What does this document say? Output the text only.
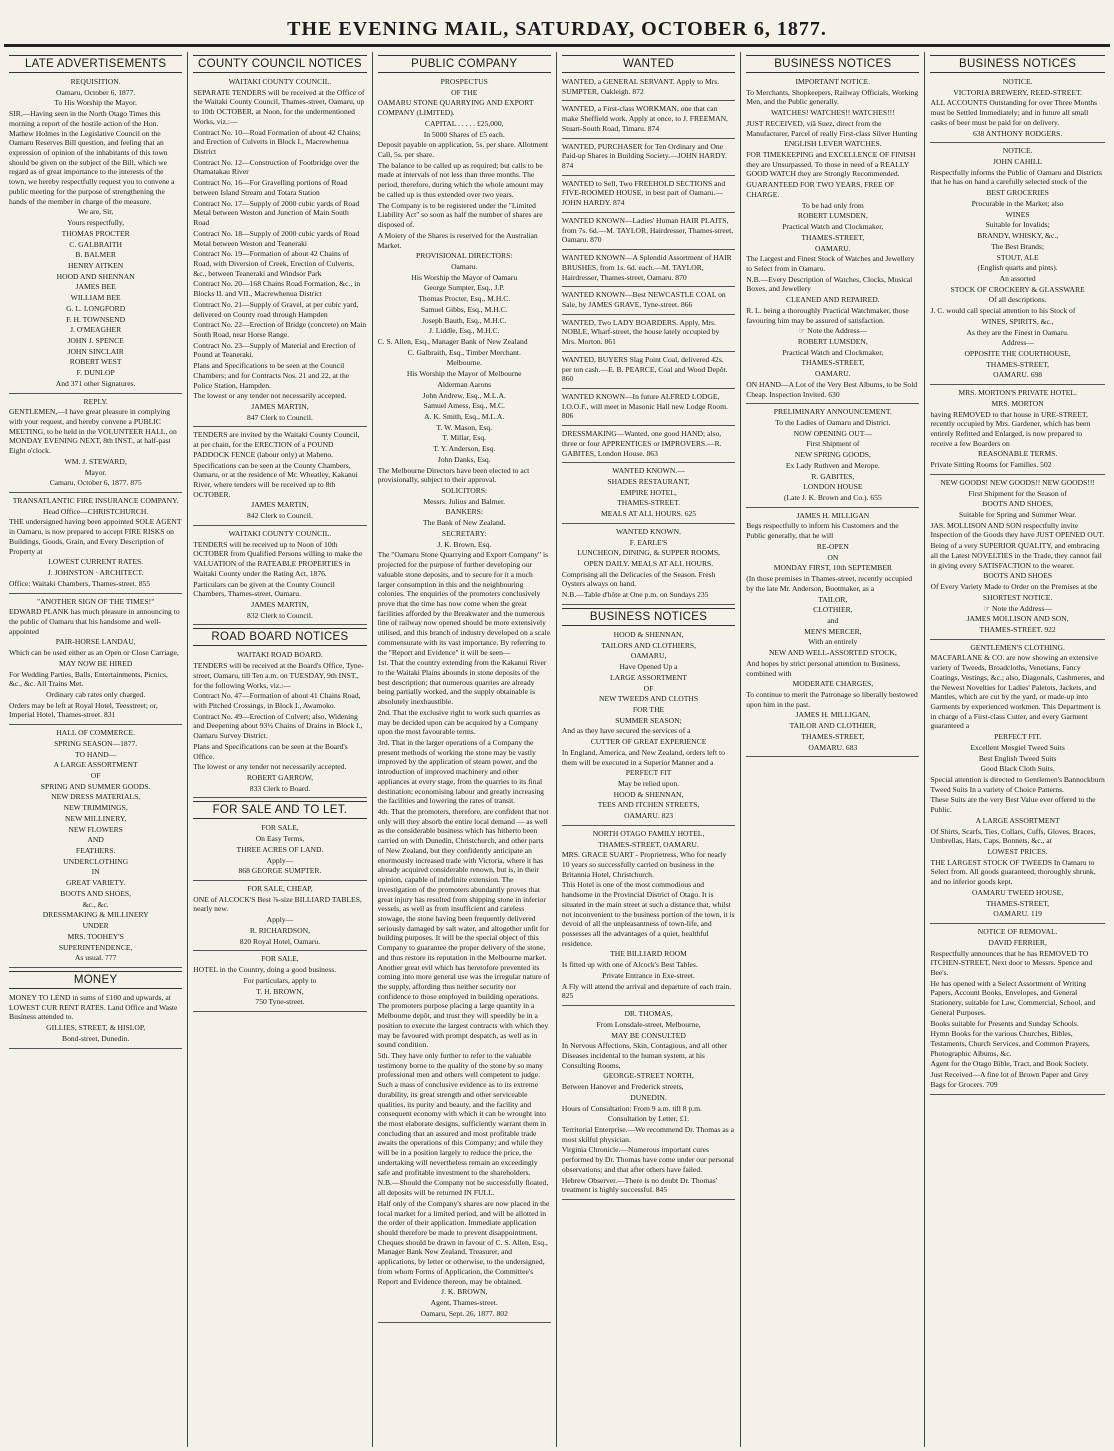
THE EVENING MAIL, SATURDAY, OCTOBER 6, 1877.
LATE ADVERTISEMENTS

REQUISITION.

Oamaru, October 6, 1877.

To His Worship the Mayor.

SIR,—Having seen in the North Otago Times this morning a report of the hostile action of the Hon. Mathew Holmes in the Legislative Council on the Oamaru Reserves Bill question, and feeling that an expression of opinion of the inhabitants of this town should be given on the subject of the Bill, which we regard as of great importance to the interests of the town, we hereby respectfully request you to convene a public meeting for the purpose of strengthening the hands of the member in charge of the measure.

We are, Sir,

Yours respectfully,

THOMAS PROCTER

C. GALBRAITH

B. BALMER

HENRY AITKEN

HOOD AND SHENNAN

JAMES BEE

WILLIAM BEE

G. L. LONGFORD

F. H. TOWNSEND

J. O'MEAGHER

JOHN J. SPENCE

JOHN SINCLAIR

ROBERT WEST

F. DUNLOP

And 371 other Signatures.

REPLY.

GENTLEMEN,—I have great pleasure in complying with your request, and hereby convene a PUBLIC MEETING, to be held in the VOLUNTEER HALL, on MONDAY EVENING NEXT, 8th INST., at half-past Eight o'clock.

WM. J. STEWARD,

Mayor.

Camaru, October 6, 1877. 875

TRANSATLANTIC FIRE INSURANCE COMPANY.

Head Office—CHRISTCHURCH.

THE undersigned having been appointed SOLE AGENT in Oamaru, is now prepared to accept FIRE RISKS on Buildings, Goods, Grain, and Every Description of Property at

LOWEST CURRENT RATES.

J. JOHNSTON · ARCHITECT.

Office: Waitaki Chambers, Thames-street. 855

"ANOTHER SIGN OF THE TIMES!"

EDWARD PLANK has much pleasure in announcing to the public of Oamaru that his handsome and well-appointed

PAIR-HORSE LANDAU,

Which can be used either as an Open or Close Carriage,

MAY NOW BE HIRED

For Wedding Parties, Balls, Entertainments, Picnics, &c., &c. All Trains Met.

Ordinary cab rates only charged.

Orders may be left at Royal Hotel, Teesstreet; or, Imperial Hotel, Thames-street. 831

HALL OF COMMERCE.

SPRING SEASON—1877.

TO HAND—

A LARGE ASSORTMENT

OF

SPRING AND SUMMER GOODS.

NEW DRESS MATERIALS,

NEW TRIMMINGS,

NEW MILLINERY,

NEW FLOWERS

AND

FEATHERS.

UNDERCLOTHING

IN

GREAT VARIETY.

BOOTS AND SHOES,

&c., &c.

DRESSMAKING & MILLINERY

UNDER

MRS. TOOHEY'S

SUPERINTENDENCE,

As usual. 777

MONEY

MONEY TO LEND in sums of £100 and upwards, at LOWEST CUR RENT RATES. Land Office and Waste Business attended to.

GILLIES, STREET, & HISLOP,

Bond-street, Dunedin.

COUNTY COUNCIL NOTICES

WAITAKI COUNTY COUNCIL.

SEPARATE TENDERS will be received at the Office of the Waitaki County Council, Thames-street, Oamaru, up to 10th OCTOBER, at Noon, for the undermentioned Works, viz.:—

Contract No. 10—Road Formation of about 42 Chains; and Erection of Culverts in Block I., Macrewhenua District

Contract No. 12—Construction of Footbridge over the Otamatakau River

Contract No. 16—For Gravelling portions of Road between Island Stream and Totara Station

Contract No. 17—Supply of 2000 cubic yards of Road Metal between Weston and Junction of Main South Road

Contract No. 18—Supply of 2000 cubic yards of Road Metal between Weston and Teaneraki

Contract No. 19—Formation of about 42 Chains of Road, with Diversion of Creek, Erection of Culverts, &c., between Teaneraki and Windsor Park

Contract No. 20—168 Chains Road Formation, &c., in Blocks II. and VII., Macrewhenua District

Contract No. 21—Supply of Gravel, at per cubic yard, delivered on County road through Hampden

Contract No. 22—Erection of Bridge (concrete) on Main South Road, near Horse Range.

Contract No. 23—Supply of Material and Erection of Pound at Teaneraki.

Plans and Specifications to be seen at the Council Chambers; and for Contracts Nos. 21 and 22, at the Police Station, Hampden.

The lowest or any tender not necessarily accepted.

JAMES MARTIN,

847 Clerk to Council.

TENDERS are invited by the Waitaki County Council, at per chain, for the ERECTION of a POUND PADDOCK FENCE (labour only) at Maheno.

Specifications can be seen at the County Chambers, Oamaru, or at the residence of Mr. Wheatley, Kakanui River, where tenders will be received up to 8th OCTOBER.

JAMES MARTIN,

842 Clerk to Council.

WAITAKI COUNTY COUNCIL.

TENDERS will be received up to Noon of 10th OCTOBER from Qualified Persons willing to make the VALUATION of the RATEABLE PROPERTIES in Waitaki County under the Rating Act, 1876.

Particulars can be given at the County Council Chambers, Thames-street, Oamaru.

JAMES MARTIN,

832 Clerk to Council.

ROAD BOARD NOTICES

WAITAKI ROAD BOARD.

TENDERS will be received at the Board's Office, Tyne-street, Oamaru, till Ten a.m. on TUESDAY, 9th INST., for the following Works, viz.:—

Contract No. 47—Formation of about 41 Chains Road, with Pitched Crossings, in Block I., Awamoko.

Contract No. 49—Erection of Culvert; also, Widening and Deepening about 93½ Chains of Drains in Block I., Oamaru Survey District.

Plans and Specifications can be seen at the Board's Office.

The lowest or any tender not necessarily accepted.

ROBERT GARROW,

833 Clerk to Board.

FOR SALE AND TO LET.

FOR SALE,

On Easy Terms,

THREE ACRES OF LAND.

Apply—

868 GEORGE SUMPTER.

FOR SALE, CHEAP,

ONE of ALCOCK'S Best ⅞-size BILLIARD TABLES, nearly new.

Apply—

R. RICHARDSON,

820 Royal Hotel, Oamaru.

FOR SALE,

HOTEL in the Country, doing a good business.

For particulars, apply to

T. H. BROWN,

750 Tyne-street.

PUBLIC COMPANY

PROSPECTUS

OF THE

OAMARU STONE QUARRYING AND EXPORT COMPANY (LIMITED).

CAPITAL . . . . . £25,000,

In 5000 Shares of £5 each.

Deposit payable on application, 5s. per share. Allotment Call, 5s. per share.

The balance to be called up as required; but calls to be made at intervals of not less than three months. The period, therefore, during which the whole amount may be called up is thus extended over two years.

The Company is to be registered under the "Limited Liability Act" so soon as half the number of shares are disposed of.

A Moiety of the Shares is reserved for the Australian Market.

PROVISIONAL DIRECTORS:

Oamaru.

His Worship the Mayor of Oamaru

George Sumpter, Esq., J.P.

Thomas Procter, Esq., M.H.C.

Samuel Gibbs, Esq., M.H.C.

Joseph Bauth, Esq., M.H.C.

J. Liddle, Esq., M.H.C.

C. S. Allen, Esq., Manager Bank of New Zealand

C. Galbraith, Esq., Timber Merchant.

Melbourne.

His Worship the Mayor of Melbourne

Alderman Aarons

John Andrew, Esq., M.L.A.

Samuel Amess, Esq., M.C.

A. K. Smith, Esq., M.L.A.

T. W. Mason, Esq.

T. Millar, Esq.

T. Y. Anderson, Esq.

John Danks, Esq.

The Melbourne Directors have been elected to act provisionally, subject to their approval.

SOLICITORS:

Messrs. Julius and Balmer.

BANKERS:

The Bank of New Zealand.

SECRETARY:

J. K. Brown, Esq.

The "Oamaru Stone Quarrying and Export Company" is projected for the purpose of further developing our valuable stone deposits, and to secure for it a much larger consumption in this and the neighbouring colonies. The enquiries of the promoters conclusively prove that the time has now come when the great facilities afforded by the Breakwater and the numerous line of railway now opened should be more extensively utilised, and this branch of industry developed on a scale commensurate with its vast importance. By referring to the "Report and Evidence" it will be seen—

1st. That the country extending from the Kakanui River to the Waitaki Plains abounds in stone deposits of the best description; that numerous quarries are already being partially worked, and the supply obtainable is absolutely inexhaustible.

2nd. That the exclusive right to work such quarries as may be decided upon can be acquired by a Company upon the most favourable terms.

3rd. That in the larger operations of a Company the present methods of working the stone may be vastly improved by the application of steam power, and the introduction of improved machinery and other appliances at every stage, from the quarries to its final destination; economising labour and greatly increasing the facilities and lowering the rates of transit.

4th. That the promoters, therefore, are confident that not only will they absorb the entire local demand — as well as the considerable business which has hitherto been carried on with Dunedin, Christchurch, and other parts of New Zealand, but they confidently anticipate an enormously increased trade with Victoria, where it has already acquired considerable renown, but is, in their opinion, capable of indefinite extension. The investigation of the promoters abundantly proves that great injury has resulted from shipping stone in inferior vessels, as well as from insufficient and careless stowage, the stone having been frequently delivered seriously damaged by salt water, and altogether unfit for building purposes. It will be the special object of this Company to guarantee the proper delivery of the stone, and thus restore its reputation in the Melbourne market. Another great evil which has heretofore prevented its coming into more general use was the irregular nature of the supply, affording thus neither security nor confidence to those employed in building operations. The promoters purpose placing a large quantity in a Melbourne depôt, and trust they will speedily be in a position to execute the largest contracts with which they may be favoured with prompt despatch, as well as in sound condition.

5th. They have only further to refer to the valuable testimony borne to the quality of the stone by so many professional men and others well competent to judge. Such a mass of conclusive evidence as to its extreme durability, its great strength and other serviceable qualities, its purity and beauty, and the facility and consequent economy with which it can be wrought into the most elaborate designs, sufficiently warrant them in concluding that an assured and most profitable trade awaits the operations of this Company; and while they will be in a position largely to reduce the price, the undertaking will nevertheless remain an exceedingly safe and profitable investment to the shareholders.

N.B.—Should the Company not be successfully floated, all deposits will be returned IN FULL.

Half only of the Company's shares are now placed in the local market for a limited period, and will be allotted in the order of their application. Immediate application should therefore be made to prevent disappointment. Cheques should be drawn in favour of C. S. Allen, Esq., Manager Bank New Zealand, Treasurer, and applications, by letter or otherwise, to the undersigned, from whom Forms of Application, the Committee's Report and Evidence thereon, may be obtained.

J. K. BROWN,

Agent, Thames-street.

Oamaru, Sept. 26, 1877. 802

WANTED

WANTED, a GENERAL SERVANT. Apply to Mrs. SUMPTER, Oakleigh. 872

WANTED, a First-class WORKMAN, one that can make Sheffield work. Apply at once, to J. FREEMAN, Stuart-South Road, Timaru. 874

WANTED, PURCHASER for Ten Ordinary and One Paid-up Shares in Building Society.—JOHN HARDY. 874

WANTED to Sell, Two FREEHOLD SECTIONS and FIVE-ROOMED HOUSE, in best part of Oamaru.—JOHN HARDY. 874

WANTED KNOWN—Ladies' Human HAIR PLAITS, from 7s. 6d.—M. TAYLOR, Hairdresser, Thames-street, Oamaru. 870

WANTED KNOWN—A Splendid Assortment of HAIR BRUSHES, from 1s. 6d. each.—M. TAYLOR, Hairdresser, Thames-street, Oamaru. 870

WANTED KNOWN—Best NEWCASTLE COAL on Sale, by JAMES GRAVE, Tyne-street. 866

WANTED, Two LADY BOARDERS. Apply, Mrs. NOBLE, Wharf-street, the house lately occupied by Mrs. Morton. 861

WANTED, BUYERS Slag Point Coal, delivered 42s. per ton cash.—E. B. PEARCE, Coal and Wood Depôt. 860

WANTED KNOWN—In future ALFRED LODGE, I.O.O.F., will meet in Masonic Hall new Lodge Room. 806

DRESSMAKING—Wanted, one good HAND; also, three or four APPRENTICES or IMPROVERS.—R. GABITES, London House. 863

WANTED KNOWN.—

SHADES RESTAURANT,

EMPIRE HOTEL,

THAMES-STREET.

MEALS AT ALL HOURS. 625

WANTED KNOWN.

F. EARLE'S

LUNCHEON, DINING, & SUPPER ROOMS,

OPEN DAILY. MEALS AT ALL HOURS.

Comprising all the Delicacies of the Season. Fresh Oysters always on hand.

N.B.—Table d'hôte at One p.m. on Sundays 235

BUSINESS NOTICES

HOOD & SHENNAN,

TAILORS AND CLOTHIERS,

OAMARU,

Have Opened Up a

LARGE ASSORTMENT

OF

NEW TWEEDS AND CLOTHS

FOR THE

SUMMER SEASON;

And as they have secured the services of a

CUTTER OF GREAT EXPERIENCE

In England, America, and New Zealand, orders left to them will be executed in a Superior Manner and a

PERFECT FIT

May be relied upon.

HOOD & SHENNAN,

TEES AND ITCHEN STREETS,

OAMARU. 823

NORTH OTAGO FAMILY HOTEL,

THAMES-STREET, OAMARU.

MRS. GRACE SUART - Proprietress, Who for nearly 10 years so successfully carried on business in the Britannia Hotel, Christchurch.

This Hotel is one of the most commodious and handsome in the Provincial District of Otago. It is situated in the main street at such a distance that, whilst not inconvenient to the business portion of the town, it is devoid of all the unpleasantness of town-life, and possesses all the advantages of a quiet, healthful residence.

THE BILLIARD ROOM

Is fitted up with one of Alcock's Best Tables.

Private Entrance in Exe-street.

A Fly will attend the arrival and departure of each train. 825

DR. THOMAS,

From Lonsdale-street, Melbourne,

MAY BE CONSULTED

In Nervous Affections, Skin, Contagious, and all other Diseases incidental to the human system, at his Consulting Rooms,

GEORGE-STREET NORTH,

Between Hanover and Frederick streets,

DUNEDIN.

Hours of Consultation: From 9 a.m. till 8 p.m.

Consultation by Letter, £1.

Territorial Enterprise.—We recommend Dr. Thomas as a most skilful physician.

Virginia Chronicle.—Numerous important cures performed by Dr. Thomas have come under our personal observations; and that after others have failed.

Hebrew Observer.—There is no doubt Dr. Thomas' treatment is highly successful. 845

BUSINESS NOTICES

IMPORTANT NOTICE.

To Merchants, Shopkeepers, Railway Officials, Working Men, and the Public generally.

WATCHES! WATCHES!! WATCHES!!!

JUST RECEIVED, viâ Suez, direct from the Manufacturer, Parcel of really First-class Silver Hunting

ENGLISH LEVER WATCHES.

FOR TIMEKEEPING and EXCELLENCE OF FINISH they are Unsurpassed. To those in need of a REALLY GOOD WATCH they are Strongly Recommended.

GUARANTEED FOR TWO YEARS, FREE OF CHARGE.

To be had only from

ROBERT LUMSDEN,

Practical Watch and Clockmaker,

THAMES-STREET,

OAMARU.

The Largest and Finest Stock of Watches and Jewellery to Select from in Oamaru.

N.B.—Every Description of Watches, Clocks, Musical Boxes, and Jewellery

CLEANED AND REPAIRED.

R. L. being a thoroughly Practical Watchmaker, those favouring him may be assured of satisfaction.

☞ Note the Address—

ROBERT LUMSDEN,

Practical Watch and Clockmaker,

THAMES-STREET,

OAMARU.

ON HAND—A Lot of the Very Best Albums, to be Sold Cheap. Inspection Invited. 630

PRELIMINARY ANNOUNCEMENT.

To the Ladies of Oamaru and District.

NOW OPENING OUT—

First Shipment of

NEW SPRING GOODS,

Ex Lady Ruthven and Merope.

R. GABITES,

LONDON HOUSE

(Late J. K. Brown and Co.). 655

JAMES H. MILLIGAN

Begs respectfully to inform his Customers and the Public generally, that he will

RE-OPEN

ON

MONDAY FIRST, 10th SEPTEMBER

(In those premises in Thames-street, recently occupied by the late Mr. Anderson, Bootmaker, as a

TAILOR,

CLOTHIER,

and

MEN'S MERCER,

With an entirely

NEW AND WELL-ASSORTED STOCK,

And hopes by strict personal attention to Business, combined with

MODERATE CHARGES,

To continue to merit the Patronage so liberally bestowed upon him in the past.

JAMES H. MILLIGAN,

TAILOR AND CLOTHIER,

THAMES-STREET,

OAMARU. 683

BUSINESS NOTICES

NOTICE.

VICTORIA BREWERY, REED-STREET.

ALL ACCOUNTS Outstanding for over Three Months must be Settled Immediately; and in future all small casks of beer must be paid for on delivery.

638 ANTHONY RODGERS.

NOTICE.

JOHN CAHILL

Respectfully informs the Public of Oamaru and Districts that he has on hand a carefully selected stock of the

BEST GROCERIES

Procurable in the Market; also

WINES

Suitable for Invalids;

BRANDY, WHISKY, &c.,

The Best Brands;

STOUT, ALE

(English quarts and pints).

An assorted

STOCK OF CROCKERY & GLASSWARE

Of all descriptions.

J. C. would call special attention to his Stock of

WINES, SPIRITS, &c.,

As they are the Finest in Oamaru.

Address—

OPPOSITE THE COURTHOUSE,

THAMES-STREET,

OAMARU. 698

MRS. MORTON'S PRIVATE HOTEL.

MRS. MORTON

having REMOVED to that house in URE-STREET, recently occupied by Mrs. Gardener, which has been entirely Refitted and Enlarged, is now prepared to receive a few Boarders on

REASONABLE TERMS.

Private Sitting Rooms for Families. 502

NEW GOODS! NEW GOODS!! NEW GOODS!!!

First Shipment for the Season of

BOOTS AND SHOES,

Suitable for Spring and Summer Wear.

JAS. MOLLISON AND SON respectfully invite Inspection of the Goods they have JUST OPENED OUT.

Being of a very SUPERIOR QUALITY, and embracing all the Latest NOVELTIES in the Trade, they cannot fail in giving every SATISFACTION to the wearer.

BOOTS AND SHOES

Of Every Variety Made to Order on the Premises at the

SHORTEST NOTICE.

☞ Note the Address—

JAMES MOLLISON AND SON,

THAMES-STREET. 922

GENTLEMEN'S CLOTHING.

MACFARLANE & CO. are now showing an extensive variety of Tweeds, Broadcloths, Venetians, Fancy Coatings, Vestings, &c.; also, Diagonals, Cashmeres, and the Newest Novelties for Ladies' Paletots, Jackets, and Mantles, which are cut by the yard, or made-up into Garments by experienced workmen. This Department is in charge of a First-class Cutter, and every Garment guaranteed a

PERFECT FIT.

Excellent Mosgiel Tweed Suits

Best English Tweed Suits

Good Black Cloth Suits.

Special attention is directed to Gentlemen's Bannockburn Tweed Suits In a variety of Choice Patterns.

These Suits are the very Best Value ever offered to the Public.

A LARGE ASSORTMENT

Of Shirts, Scarfs, Ties, Collars, Cuffs, Gloves, Braces, Umbrellas, Hats, Caps, Bonnets, &c., at

LOWEST PRICES.

THE LARGEST STOCK OF TWEEDS In Oamaru to Select from. All goods guaranteed, thoroughly shrunk, and no inferior goods kept.

OAMARU TWEED HOUSE,

THAMES-STREET,

OAMARU. 119

NOTICE OF REMOVAL.

DAVID FERRIER,

Respectfully announces that he has REMOVED TO ITCHEN-STREET, Next door to Messrs. Spence and Bee's.

He has opened with a Select Assortment of Writing Papers, Account Books, Envelopes, and General Stationery, suitable for Law, Commercial, School, and General Purposes.

Books suitable for Presents and Sunday Schools.

Hymn Books for the various Churches, Bibles, Testaments, Church Services, and Common Prayers, Photographic Albums, &c.

Agent for the Otago Bible, Tract, and Book Society.

Just Received—A fine lot of Brown Paper and Grey Bags for Grocers. 709
